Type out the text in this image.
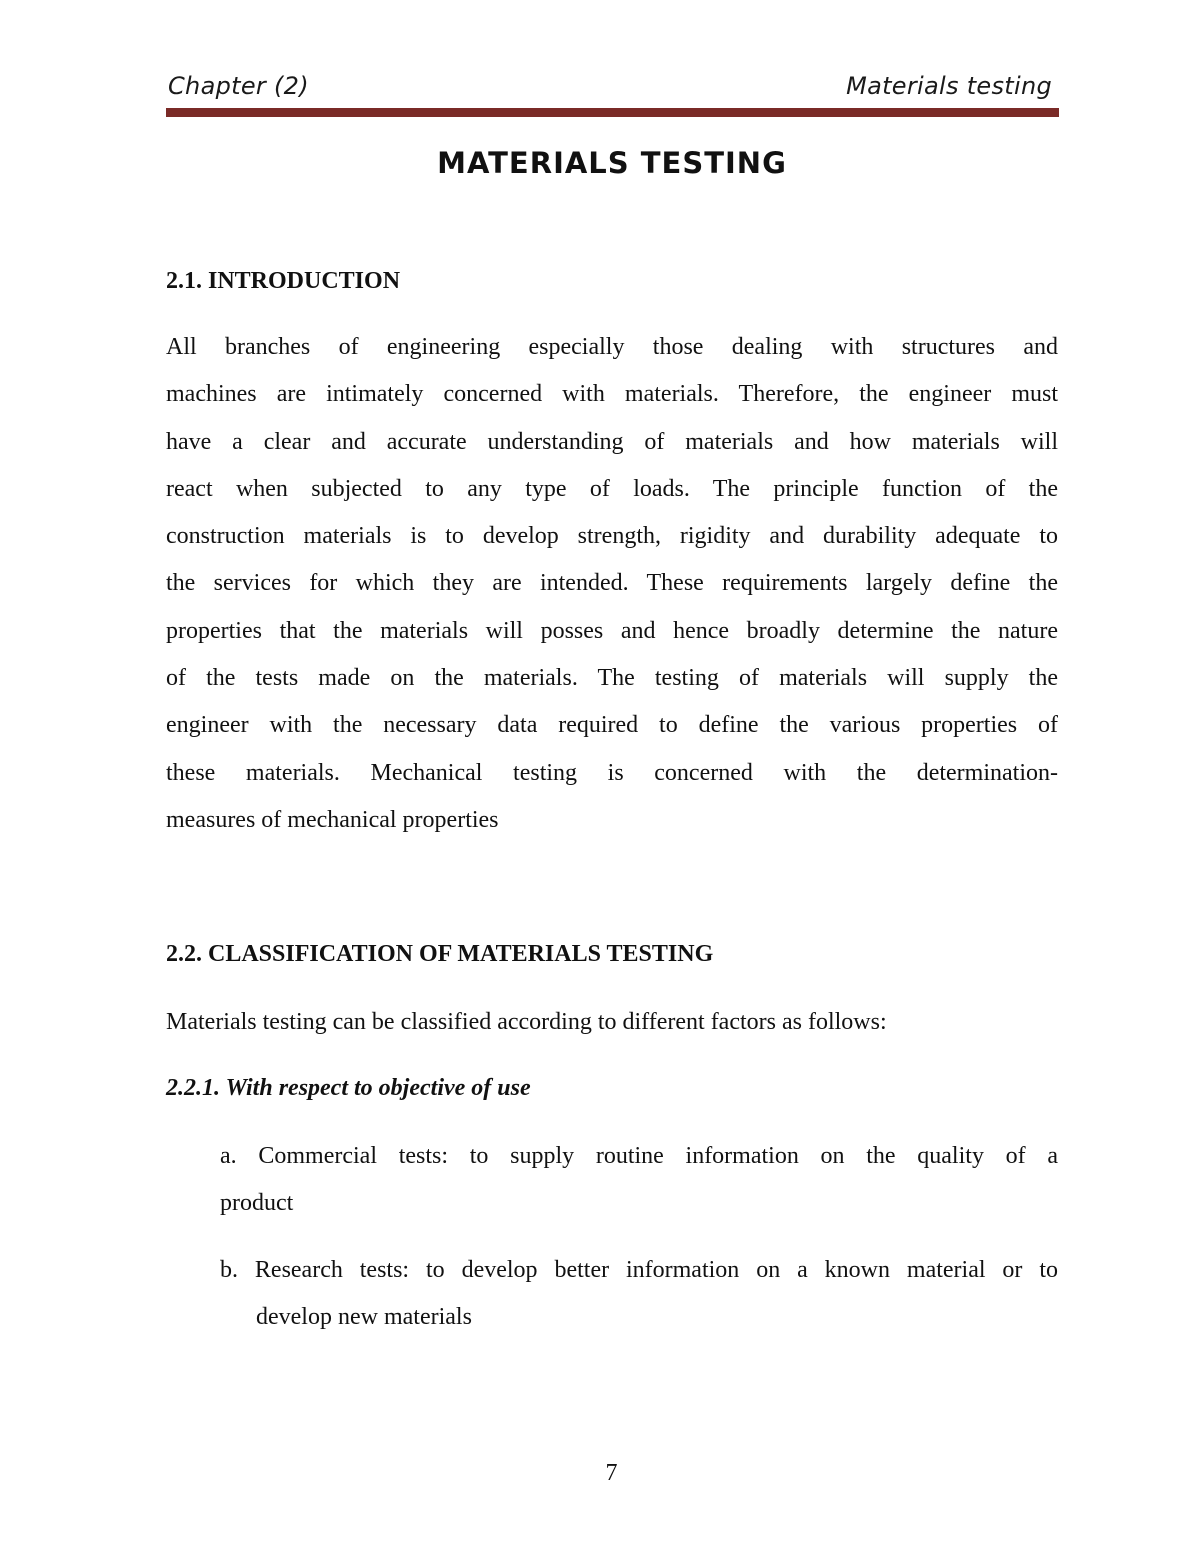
Chapter (2)	Materials testing
MATERIALS TESTING
2.1. INTRODUCTION
All branches of engineering especially those dealing with structures and
machines are intimately concerned with materials. Therefore, the engineer must
have a clear and accurate understanding of materials and how materials will
react when subjected to any type of loads. The principle function of the
construction materials is to develop strength, rigidity and durability adequate to
the services for which they are intended. These requirements largely define the
properties that the materials will posses and hence broadly determine the nature
of the tests made on the materials. The testing of materials will supply the
engineer with the necessary data required to define the various properties of
these materials. Mechanical testing is concerned with the determination-
measures of mechanical properties
2.2. CLASSIFICATION OF MATERIALS TESTING
Materials testing can be classified according to different factors as follows:
2.2.1. With respect to objective of use
a. Commercial tests: to supply routine information on the quality of a
product
b. Research tests: to develop better information on a known material or to
develop new materials
7
